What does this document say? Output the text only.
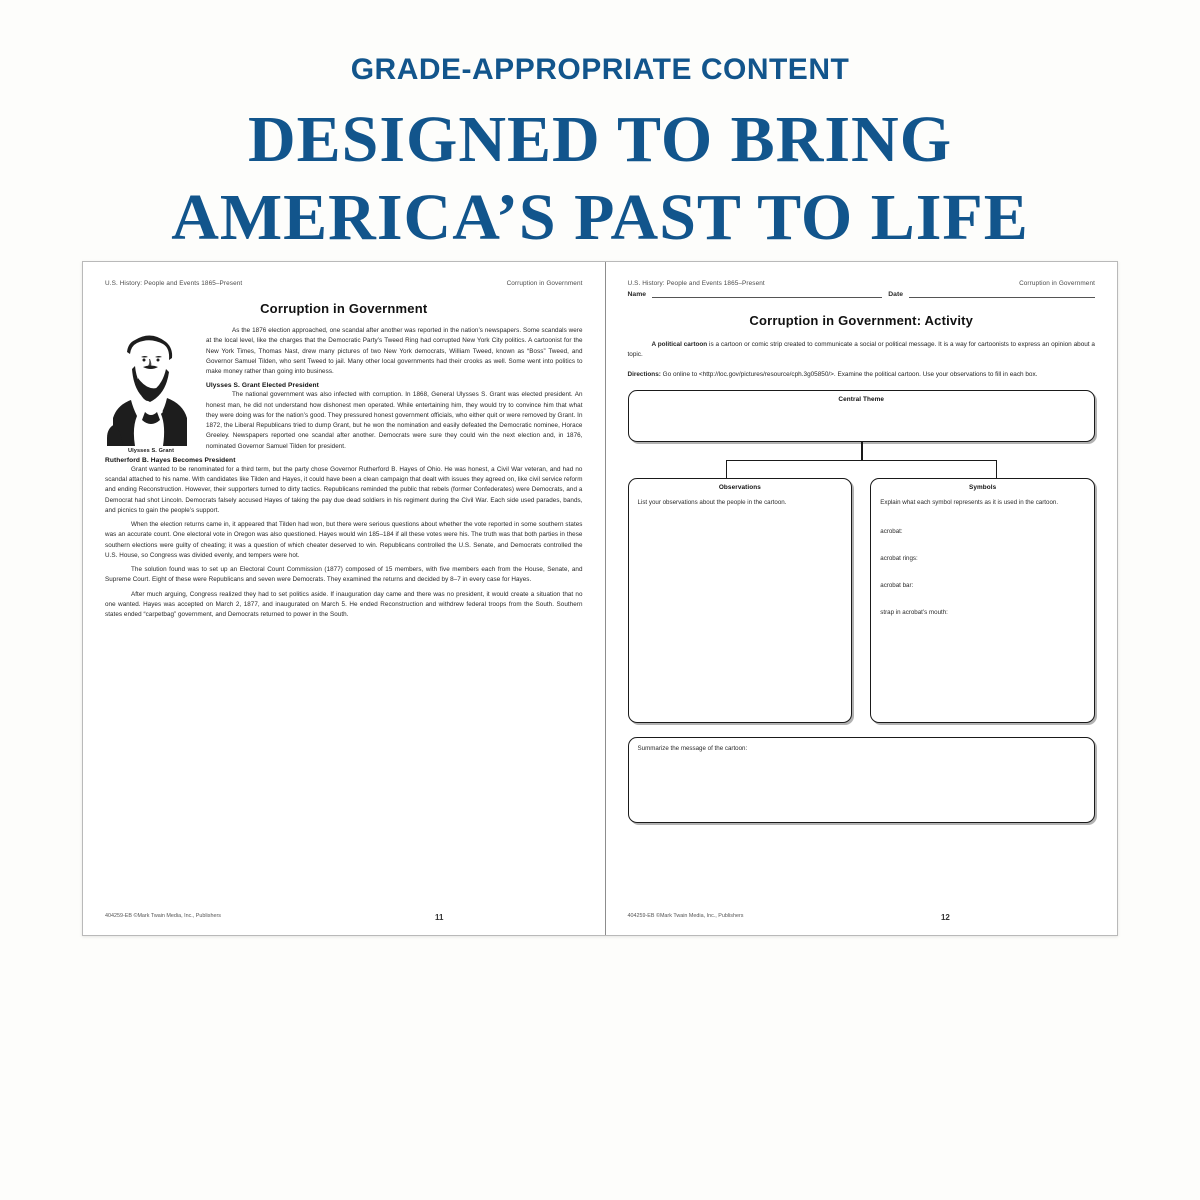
GRADE-APPROPRIATE CONTENT
DESIGNED TO BRING
AMERICA’S PAST TO LIFE
U.S. History: People and Events 1865–Present	Corruption in Government
Corruption in Government
Ulysses S. Grant

As the 1876 election approached, one scandal after another was reported in the nation’s newspapers. Some scandals were at the local level, like the charges that the Democratic Party’s Tweed Ring had corrupted New York City politics. A cartoonist for the New York Times, Thomas Nast, drew many pictures of two New York democrats, William Tweed, known as “Boss” Tweed, and Governor Samuel Tilden, who sent Tweed to jail. Many other local governments had their crooks as well. Some went into politics to make money rather than going into business.

Ulysses S. Grant Elected President

The national government was also infected with corruption. In 1868, General Ulysses S. Grant was elected president. An honest man, he did not understand how dishonest men operated. While entertaining him, they would try to convince him that what they were doing was for the nation’s good. They pressured honest government officials, who either quit or were removed by Grant. In 1872, the Liberal Republicans tried to dump Grant, but he won the nomination and easily defeated the Democratic nominee, Horace Greeley. Newspapers reported one scandal after another. Democrats were sure they could win the next election and, in 1876, nominated Governor Samuel Tilden for president.

Rutherford B. Hayes Becomes President

Grant wanted to be renominated for a third term, but the party chose Governor Rutherford B. Hayes of Ohio. He was honest, a Civil War veteran, and had no scandal attached to his name. With candidates like Tilden and Hayes, it could have been a clean campaign that dealt with issues they agreed on, like civil service reform and ending Reconstruction. However, their supporters turned to dirty tactics. Republicans reminded the public that rebels (former Confederates) were Democrats, and a Democrat had shot Lincoln. Democrats falsely accused Hayes of taking the pay due dead soldiers in his regiment during the Civil War. Each side used parades, bands, and picnics to gain the people’s support.

When the election returns came in, it appeared that Tilden had won, but there were serious questions about whether the vote reported in some southern states was an accurate count. One electoral vote in Oregon was also questioned. Hayes would win 185–184 if all these votes were his. The truth was that both parties in these southern elections were guilty of cheating; it was a question of which cheater deserved to win. Republicans controlled the U.S. Senate, and Democrats controlled the U.S. House, so Congress was divided evenly, and tempers were hot.

The solution found was to set up an Electoral Count Commission (1877) composed of 15 members, with five members each from the House, Senate, and Supreme Court. Eight of these were Republicans and seven were Democrats. They examined the returns and decided by 8–7 in every case for Hayes.

After much arguing, Congress realized they had to set politics aside. If inauguration day came and there was no president, it would create a situation that no one wanted. Hayes was accepted on March 2, 1877, and inaugurated on March 5. He ended Reconstruction and withdrew federal troops from the South. Southern states ended “carpetbag” government, and Democrats returned to power in the South.

404259-EB ©Mark Twain Media, Inc., Publishers	11
U.S. History: People and Events 1865–Present	Corruption in Government
Name	Date
Corruption in Government: Activity

A political cartoon is a cartoon or comic strip created to communicate a social or political message. It is a way for cartoonists to express an opinion about a topic.

Directions: Go online to <http://loc.gov/pictures/resource/cph.3g05850/>. Examine the political cartoon. Use your observations to fill in each box.

Central Theme
Observations
List your observations about the people in the cartoon.
Symbols
Explain what each symbol represents as it is used in the cartoon.
acrobat:
acrobat rings:
acrobat bar:
strap in acrobat’s mouth:
Summarize the message of the cartoon:
404259-EB ©Mark Twain Media, Inc., Publishers	12
